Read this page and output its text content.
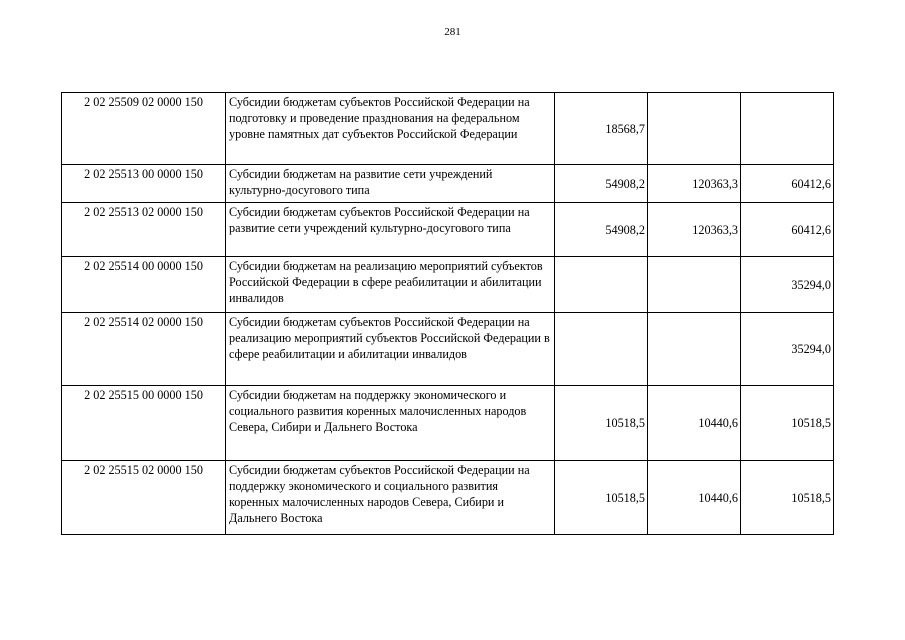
281
2 02 25509 02 0000 150	Субсидии бюджетам субъектов Российской Федерации на подготовку и проведение празднования на федеральном уровне памятных дат субъектов Российской Федерации	18568,7		
2 02 25513 00 0000 150	Субсидии бюджетам на развитие сети учреждений культурно-досугового типа	54908,2	120363,3	60412,6
2 02 25513 02 0000 150	Субсидии бюджетам субъектов Российской Федерации на развитие сети учреждений культурно-досугового типа	54908,2	120363,3	60412,6
2 02 25514 00 0000 150	Субсидии бюджетам на реализацию мероприятий субъектов Российской Федерации в сфере реабилитации и абилитации инвалидов			35294,0
2 02 25514 02 0000 150	Субсидии бюджетам субъектов Российской Федерации на реализацию мероприятий субъектов Российской Федерации в сфере реабилитации и абилитации инвалидов			35294,0
2 02 25515 00 0000 150	Субсидии бюджетам на поддержку экономического и социального развития коренных малочисленных народов Севера, Сибири и Дальнего Востока	10518,5	10440,6	10518,5
2 02 25515 02 0000 150	Субсидии бюджетам субъектов Российской Федерации на поддержку экономического и социального развития коренных малочисленных народов Севера, Сибири и Дальнего Востока	10518,5	10440,6	10518,5
